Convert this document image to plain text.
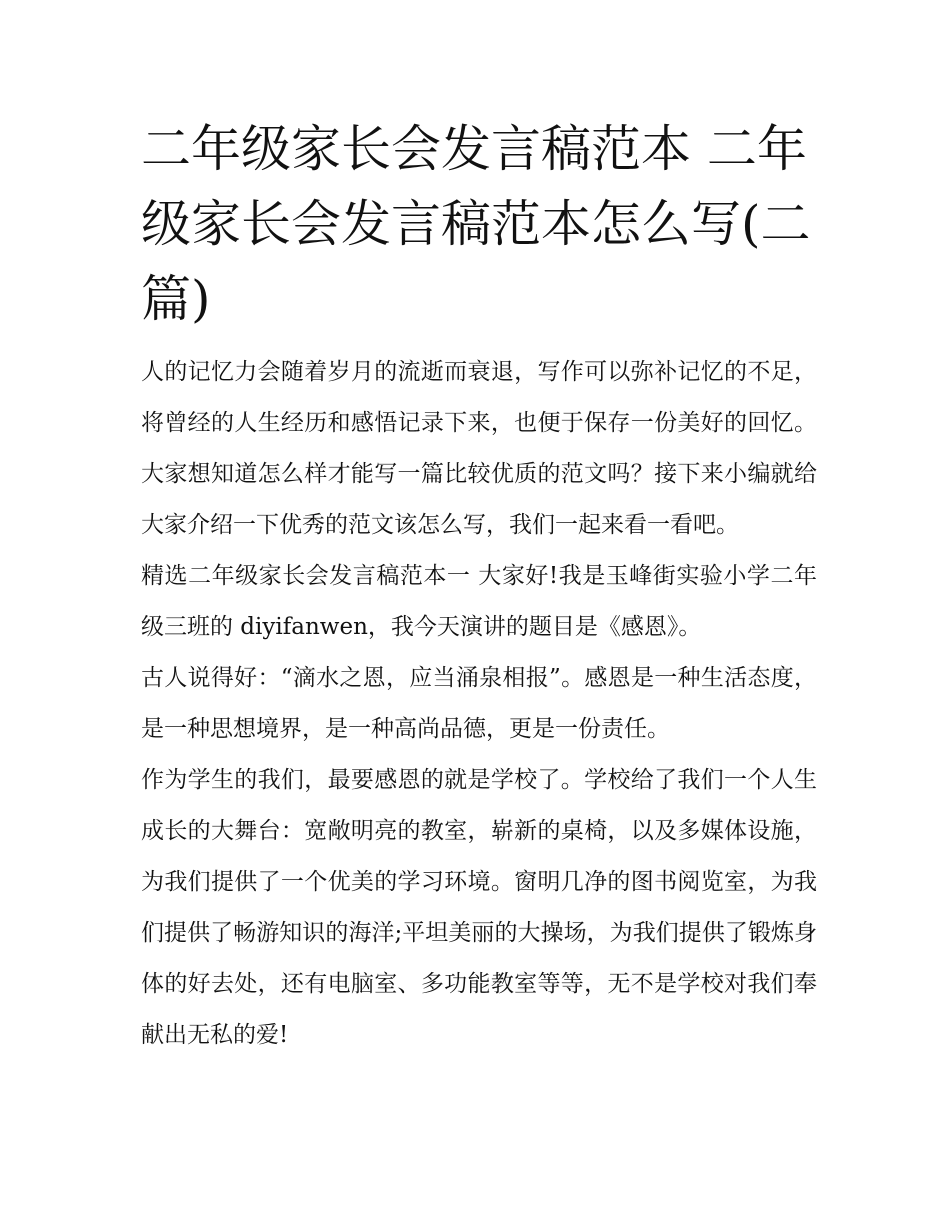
二年级家长会发言稿范本 二年级家长会发言稿范本怎么写(二篇)

人的记忆力会随着岁月的流逝而衰退，写作可以弥补记忆的不足，将曾经的人生经历和感悟记录下来，也便于保存一份美好的回忆。大家想知道怎么样才能写一篇比较优质的范文吗？接下来小编就给大家介绍一下优秀的范文该怎么写，我们一起来看一看吧。

精选二年级家长会发言稿范本一 大家好!我是玉峰街实验小学二年级三班的 diyifanwen，我今天演讲的题目是《感恩》。

古人说得好：“滴水之恩，应当涌泉相报”。感恩是一种生活态度，是一种思想境界，是一种高尚品德，更是一份责任。

作为学生的我们，最要感恩的就是学校了。学校给了我们一个人生成长的大舞台：宽敞明亮的教室，崭新的桌椅，以及多媒体设施，为我们提供了一个优美的学习环境。窗明几净的图书阅览室，为我们提供了畅游知识的海洋;平坦美丽的大操场，为我们提供了锻炼身体的好去处，还有电脑室、多功能教室等等，无不是学校对我们奉献出无私的爱!
